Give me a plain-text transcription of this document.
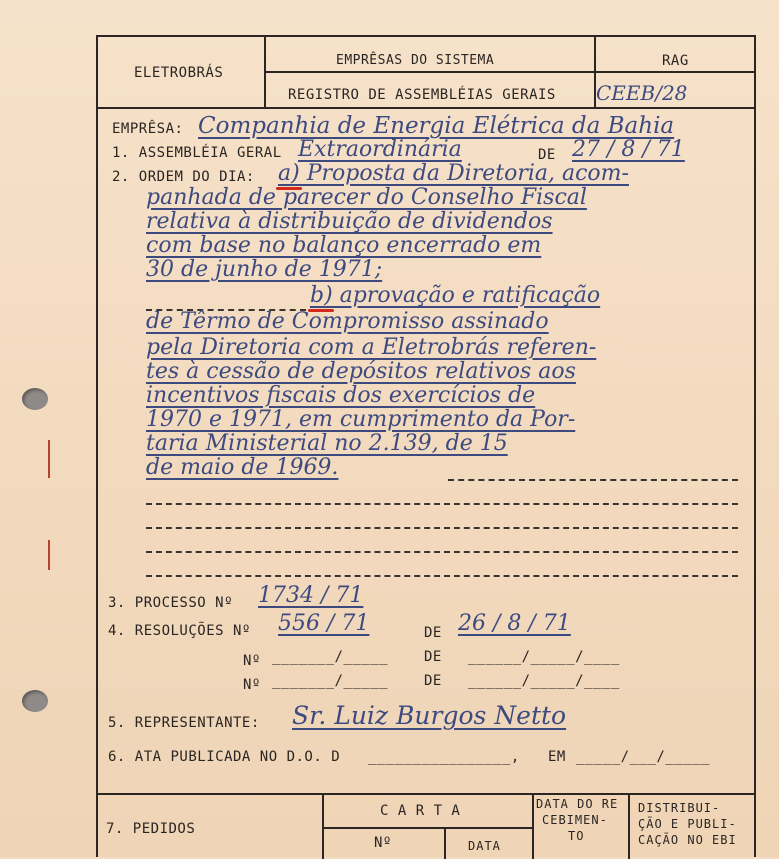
ELETROBRÁS
EMPRÊSAS DO SISTEMA
REGISTRO DE ASSEMBLÉIAS GERAIS
RAG
CEEB/28
EMPRÊSA: Companhia de Energia Elétrica da Bahia
1. ASSEMBLÉIA GERAL Extraordinária	DE 27 / 8 / 71
2. ORDEM DO DIA: a) Proposta da Diretoria, acom-
panhada de parecer do Conselho Fiscal
relativa à distribuição de dividendos
com base no balanço encerrado em
30 de junho de 1971;
b) aprovação e ratificação
de Têrmo de Compromisso assinado
pela Diretoria com a Eletrobrás referen-
tes à cessão de depósitos relativos aos
incentivos fiscais dos exercícios de
1970 e 1971, em cumprimento da Por-
taria Ministerial no 2.139, de 15
de maio de 1969.
3. PROCESSO Nº 1734 / 71
4. RESOLUÇÕES Nº 556 / 71	DE 26 / 8 / 71
Nº _______/_____	DE ______/_____/____
Nº _______/_____	DE ______/_____/____
5. REPRESENTANTE: Sr. Luiz Burgos Netto
6. ATA PUBLICADA NO D.O. D ________________, EM _____/___/_____
7. PEDIDOS
C A R T A
Nº	DATA
DATA DO RE
CEBIMEN-
TO
DISTRIBUI-
ÇÃO E PUBLI-
CAÇÃO NO EBI
